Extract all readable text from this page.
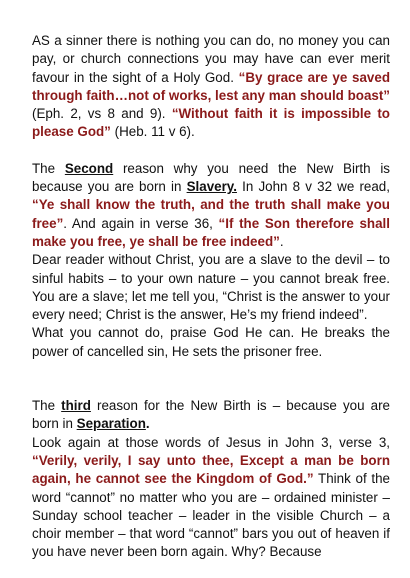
AS a sinner there is nothing you can do, no money you can pay, or church connections you may have can ever merit favour in the sight of a Holy God. “By grace are ye saved through faith…not of works, lest any man should boast” (Eph. 2, vs 8 and 9). “Without faith it is impossible to please God” (Heb. 11 v 6).

The Second reason why you need the New Birth is because you are born in Slavery. In John 8 v 32 we read, “Ye shall know the truth, and the truth shall make you free”. And again in verse 36, “If the Son therefore shall make you free, ye shall be free indeed”.

Dear reader without Christ, you are a slave to the devil – to sinful habits – to your own nature – you cannot break free. You are a slave; let me tell you, “Christ is the answer to your every need; Christ is the answer, He’s my friend indeed”.

What you cannot do, praise God He can. He breaks the power of cancelled sin, He sets the prisoner free.

The third reason for the New Birth is – because you are born in Separation.

Look again at those words of Jesus in John 3, verse 3, “Verily, verily, I say unto thee, Except a man be born again, he cannot see the Kingdom of God.” Think of the word “cannot” no matter who you are – ordained minister – Sunday school teacher – leader in the visible Church – a choir member – that word “cannot” bars you out of heaven if you have never been born again. Why? Because
